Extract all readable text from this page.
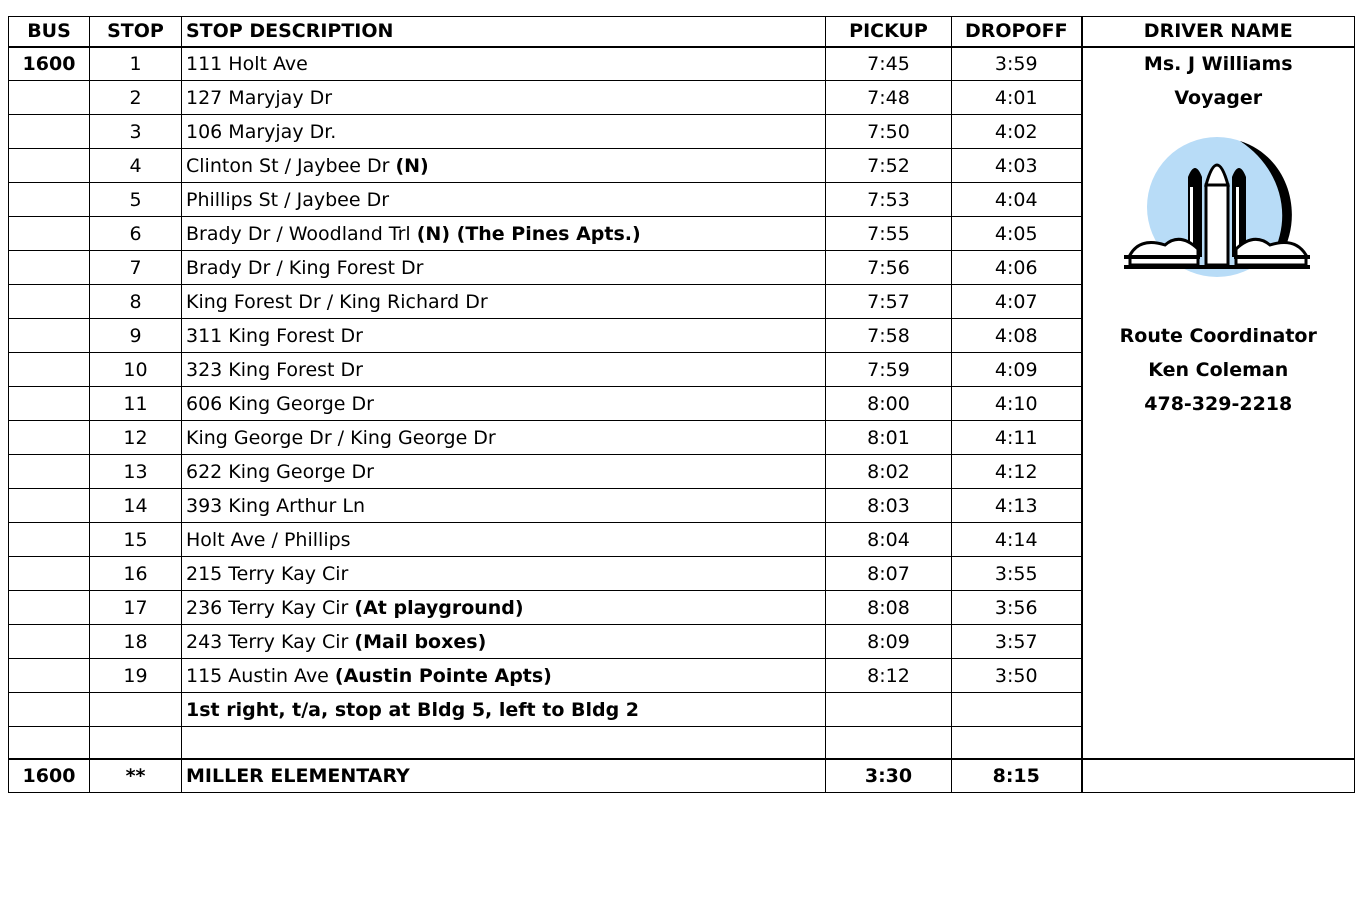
BUS	STOP	STOP DESCRIPTION	PICKUP	DROPOFF	DRIVER NAME
1600	1	111 Holt Ave	7:45	3:59	Ms. J Williams
	2	127 Maryjay Dr	7:48	4:01	Voyager
	3	106 Maryjay Dr.	7:50	4:02	
	4	Clinton St / Jaybee Dr (N)	7:52	4:03	
	5	Phillips St / Jaybee Dr	7:53	4:04	
	6	Brady Dr / Woodland Trl (N) (The Pines Apts.)	7:55	4:05	
	7	Brady Dr / King Forest Dr	7:56	4:06	
	8	King Forest Dr / King Richard Dr	7:57	4:07	
	9	311 King Forest Dr	7:58	4:08	Route Coordinator
	10	323 King Forest Dr	7:59	4:09	Ken Coleman
	11	606 King George Dr	8:00	4:10	478-329-2218
	12	King George Dr / King George Dr	8:01	4:11	
	13	622 King George Dr	8:02	4:12	
	14	393 King Arthur Ln	8:03	4:13	
	15	Holt Ave / Phillips	8:04	4:14	
	16	215 Terry Kay Cir	8:07	3:55	
	17	236 Terry Kay Cir (At playground)	8:08	3:56	
	18	243 Terry Kay Cir (Mail boxes)	8:09	3:57	
	19	115 Austin Ave (Austin Pointe Apts)	8:12	3:50	
		1st right, t/a, stop at Bldg 5, left to Bldg 2			

1600	**	MILLER ELEMENTARY	3:30	8:15	
